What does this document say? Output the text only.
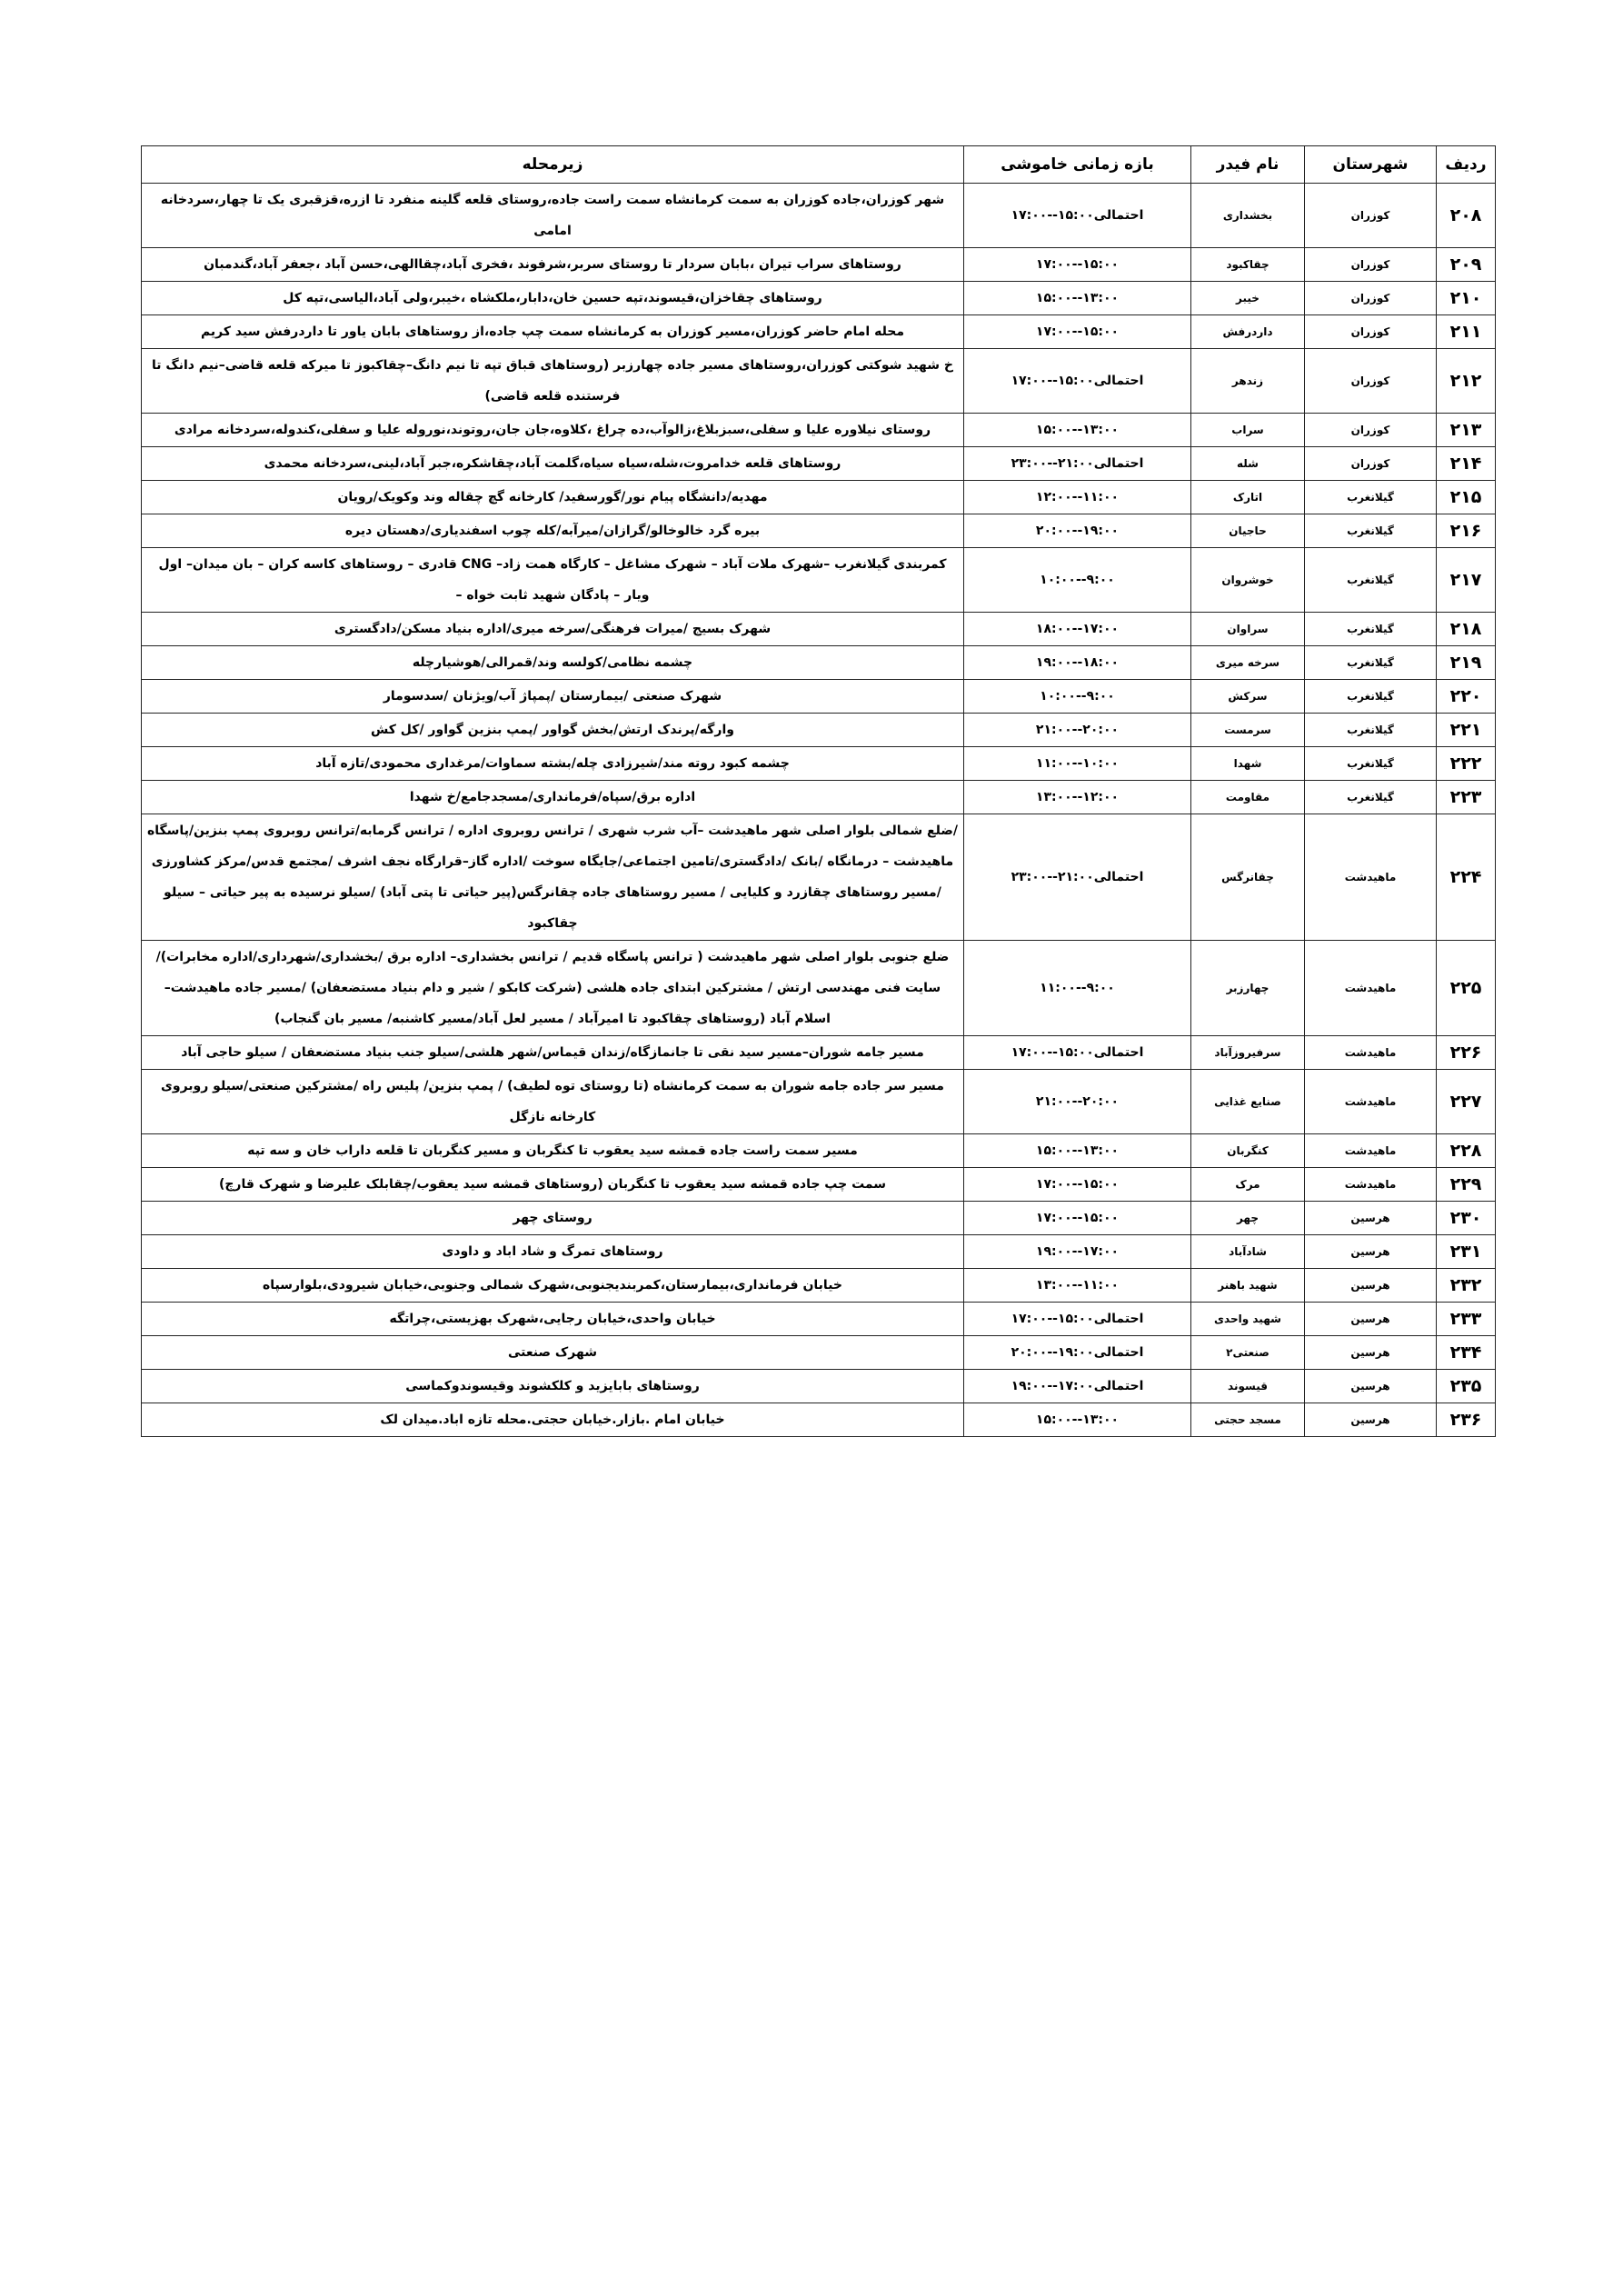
ردیف	شهرستان	نام فیدر	بازه زمانی خاموشی	زیرمحله
۲۰۸	کوزران	بخشداری	۱۷:۰۰--۱۵:۰۰احتمالی	شهر کوزران،جاده کوزران به سمت کرمانشاه سمت راست جاده،روستای قلعه گلینه منفرد تا ازره،قزقبری یک تا چهار،سردخانه امامی
۲۰۹	کوزران	چقاکبود	۱۷:۰۰--۱۵:۰۰	روستاهای سراب تیران ،بابان سردار تا روستای سربر،شرفوند ،فخری آباد،چقاالهی،حسن آباد ،جعفر آباد،گندمبان
۲۱۰	کوزران	خیبر	۱۵:۰۰--۱۳:۰۰	روستاهای چقاخزان،قیسوند،تپه حسین خان،دابار،ملکشاه ،خیبر،ولی آباد،الیاسی،تپه کل
۲۱۱	کوزران	داردرفش	۱۷:۰۰--۱۵:۰۰	محله امام حاضر کوزران،مسیر کوزران به کرمانشاه سمت چپ جاده،از روستاهای بابان یاور تا داردرفش سید کریم
۲۱۲	کوزران	زندهر	۱۷:۰۰--۱۵:۰۰احتمالی	خ شهید شوکتی کوزران،روستاهای مسیر جاده چهارزبر (روستاهای قباق تپه تا نیم دانگ–چقاکبوز تا میرکه قلعه قاضی–نیم دانگ تا فرستنده قلعه قاضی)
۲۱۳	کوزران	سراب	۱۵:۰۰--۱۳:۰۰	روستای نیلاوره علیا و سفلی،سبزبلاغ،زالوآب،ده چراغ ،کلاوه،جان جان،روتوند،نوروله علیا و سفلی،کندوله،سردخانه مرادی
۲۱۴	کوزران	شله	۲۳:۰۰--۲۱:۰۰احتمالی	روستاهای قلعه خدامروت،شله،سیاه سیاه،گلمت آباد،چقاشکره،جبر آباد،لینی،سردخانه محمدی
۲۱۵	گیلانغرب	اتارک	۱۲:۰۰--۱۱:۰۰	مهدیه/دانشگاه پیام نور/گورسفید/ کارخانه گچ چقاله وند وکویک/رویان
۲۱۶	گیلانغرب	حاجیان	۲۰:۰۰--۱۹:۰۰	بیره گرد خالوخالو/گرازان/میرآبه/کله چوب اسفندیاری/دهستان دیره
۲۱۷	گیلانغرب	خوشروان	۱۰:۰۰--۹:۰۰	کمربندی گیلانغرب –شهرک ملات آباد – شهرک مشاغل – کارگاه همت زاد– CNG قادری – روستاهای کاسه کران – بان میدان– اول ویار – پادگان شهید ثابت خواه –
۲۱۸	گیلانغرب	سراوان	۱۸:۰۰--۱۷:۰۰	شهرک بسیج /میرات فرهنگی/سرخه میری/اداره بنیاد مسکن/دادگستری
۲۱۹	گیلانغرب	سرخه میری	۱۹:۰۰--۱۸:۰۰	چشمه نظامی/کولسه وند/قمرالی/هوشیارچله
۲۲۰	گیلانغرب	سرکش	۱۰:۰۰--۹:۰۰	شهرک صنعتی /بیمارستان /پمپاژ آب/ویژنان /سدسومار
۲۲۱	گیلانغرب	سرمست	۲۱:۰۰--۲۰:۰۰	وارگه/پرندک ارتش/بخش گواور /پمپ بنزین گواور /کل کش
۲۲۲	گیلانغرب	شهدا	۱۱:۰۰--۱۰:۰۰	چشمه کبود روته مند/شیرزادی چله/بشته سماوات/مرغداری محمودی/تازه آباد
۲۲۳	گیلانغرب	مقاومت	۱۳:۰۰--۱۲:۰۰	اداره برق/سپاه/فرمانداری/مسجدجامع/خ شهدا
۲۲۴	ماهیدشت	چقانرگس	۲۳:۰۰--۲۱:۰۰احتمالی	/ضلع شمالی بلوار اصلی شهر ماهیدشت –آب شرب شهری / ترانس روبروی اداره / ترانس گرمابه/ترانس روبروی پمپ بنزین/پاسگاه ماهیدشت – درمانگاه /بانک /دادگستری/تامین اجتماعی/جایگاه سوخت /اداره گاز–قرارگاه نجف اشرف /مجتمع قدس/مرکز کشاورزی /مسیر روستاهای چقازرد و کلیایی / مسیر روستاهای جاده چقانرگس(پیر حیاتی تا پتی آباد) /سیلو نرسیده به پیر حیاتی – سیلو چقاکبود
۲۲۵	ماهیدشت	چهارزبر	۱۱:۰۰--۹:۰۰	ضلع جنوبی بلوار اصلی شهر ماهیدشت ( ترانس پاسگاه قدیم / ترانس بخشداری– اداره برق /بخشداری/شهرداری/اداره مخابرات)/سایت فنی مهندسی ارتش / مشترکین ابتدای جاده هلشی (شرکت کابکو / شیر و دام بنیاد مستضعفان) /مسیر جاده ماهیدشت–اسلام آباد (روستاهای چقاکبود تا امیرآباد / مسیر لعل آباد/مسیر کاشنبه/ مسیر بان گنجاب)
۲۲۶	ماهیدشت	سرفیروزآباد	۱۷:۰۰--۱۵:۰۰احتمالی	مسیر جامه شوران–مسیر سید نقی تا جانمازگاه/زندان قیماس/شهر هلشی/سیلو جنب بنیاد مستضعفان / سیلو حاجی آباد
۲۲۷	ماهیدشت	صنایع غذایی	۲۱:۰۰--۲۰:۰۰	مسیر سر جاده جامه شوران به سمت کرمانشاه (تا روستای توه لطیف) / پمپ بنزین/ پلیس راه /مشترکین صنعتی/سیلو روبروی کارخانه نازگل
۲۲۸	ماهیدشت	کنگربان	۱۵:۰۰--۱۳:۰۰	مسیر سمت راست جاده قمشه سید یعقوب تا کنگربان و مسیر کنگربان تا قلعه داراب خان و سه تپه
۲۲۹	ماهیدشت	مرک	۱۷:۰۰--۱۵:۰۰	سمت چپ جاده قمشه سید یعقوب تا کنگربان (روستاهای قمشه سید یعقوب/چقابلک علیرضا و شهرک قارچ)
۲۳۰	هرسین	چهر	۱۷:۰۰--۱۵:۰۰	روستای چهر
۲۳۱	هرسین	شادآباد	۱۹:۰۰--۱۷:۰۰	روستاهای تمرگ و شاد اباد و داودی
۲۳۲	هرسین	شهید باهنر	۱۳:۰۰--۱۱:۰۰	خیابان فرمانداری،بیمارستان،کمربندیجنوبی،شهرک شمالی وجنوبی،خیابان شیرودی،بلوارسپاه
۲۳۳	هرسین	شهید واحدی	۱۷:۰۰--۱۵:۰۰احتمالی	خیابان واحدی،خیابان رجایی،شهرک بهزیستی،چراتگه
۲۳۴	هرسین	صنعتی۲	۲۰:۰۰--۱۹:۰۰احتمالی	شهرک صنعتی
۲۳۵	هرسین	قیسوند	۱۹:۰۰--۱۷:۰۰احتمالی	روستاهای بابایزید و کلکشوند وقیسوندوکماسی
۲۳۶	هرسین	مسجد حجتی	۱۵:۰۰--۱۳:۰۰	خیابان امام .بازار.خیابان حجتی.محله تازه اباد.میدان لک
